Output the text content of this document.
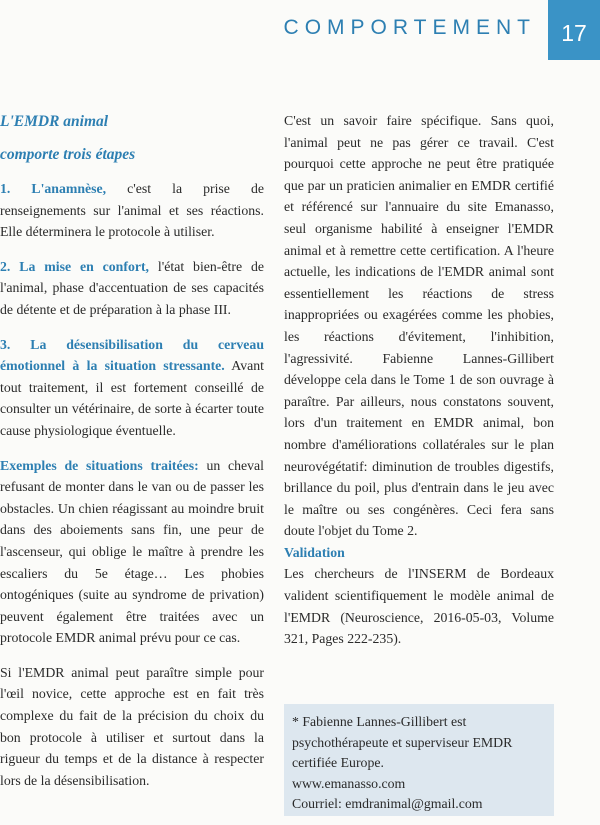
COMPORTEMENT	17

L'EMDR animal

comporte trois étapes

1. L'anamnèse, c'est la prise de renseignements sur l'animal et ses réactions. Elle déterminera le protocole à utiliser.

2. La mise en confort, l'état bien-être de l'animal, phase d'accentuation de ses capacités de détente et de préparation à la phase III.

3. La désensibilisation du cerveau émotionnel à la situation stressante. Avant tout traitement, il est fortement conseillé de consulter un vétérinaire, de sorte à écarter toute cause physiologique éventuelle.

Exemples de situations traitées: un cheval refusant de monter dans le van ou de passer les obstacles. Un chien réagissant au moindre bruit dans des aboiements sans fin, une peur de l'ascenseur, qui oblige le maître à prendre les escaliers du 5e étage… Les phobies ontogéniques (suite au syndrome de privation) peuvent également être traitées avec un protocole EMDR animal prévu pour ce cas.

Si l'EMDR animal peut paraître simple pour l'œil novice, cette approche est en fait très complexe du fait de la précision du choix du bon protocole à utiliser et surtout dans la rigueur du temps et de la distance à respecter lors de la désensibilisation.

C'est un savoir faire spécifique. Sans quoi, l'animal peut ne pas gérer ce travail. C'est pourquoi cette approche ne peut être pratiquée que par un praticien animalier en EMDR certifié et référencé sur l'annuaire du site Emanasso, seul organisme habilité à enseigner l'EMDR animal et à remettre cette certification. A l'heure actuelle, les indications de l'EMDR animal sont essentiellement les réactions de stress inappropriées ou exagérées comme les phobies, les réactions d'évitement, l'inhibition, l'agressivité. Fabienne Lannes-Gillibert développe cela dans le Tome 1 de son ouvrage à paraître. Par ailleurs, nous constatons souvent, lors d'un traitement en EMDR animal, bon nombre d'améliorations collatérales sur le plan neurovégétatif: diminution de troubles digestifs, brillance du poil, plus d'entrain dans le jeu avec le maître ou ses congénères. Ceci fera sans doute l'objet du Tome 2.

Validation

Les chercheurs de l'INSERM de Bordeaux valident scientifiquement le modèle animal de l'EMDR (Neuroscience, 2016-05-03, Volume 321, Pages 222-235).

* Fabienne Lannes-Gillibert est psychothérapeute et superviseur EMDR certifiée Europe.
www.emanasso.com
Courriel: emdranimal@gmail.com
